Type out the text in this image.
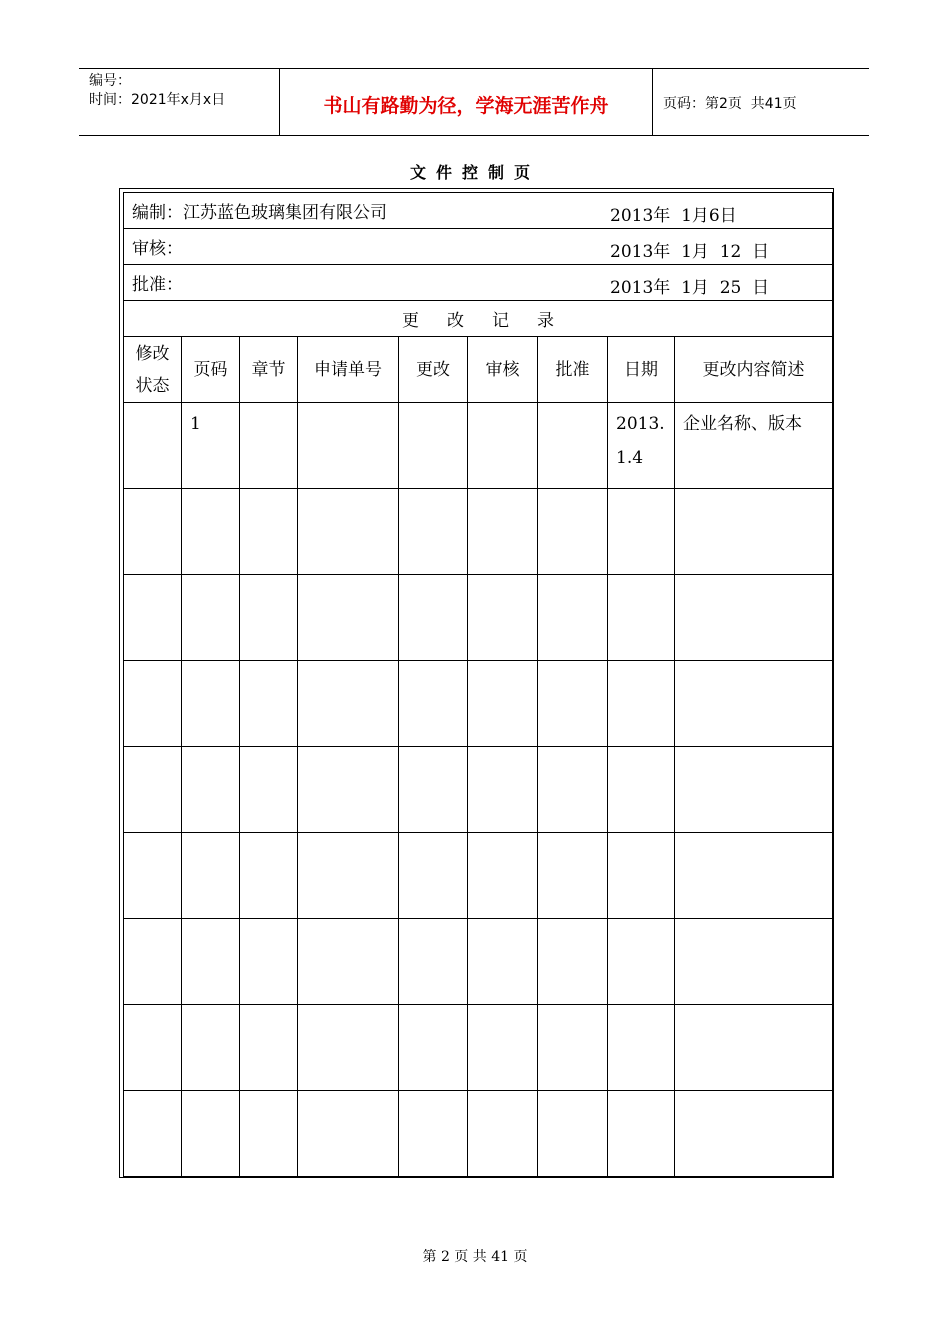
编号：
时间：2021年x月x日	书山有路勤为径，学海无涯苦作舟	页码：第2页  共41页
文件控制页
编制：江苏蓝色玻璃集团有限公司 2013年  1月6日								

审核： 2013年  1月  12  日								

批准： 2013年  1月  25  日								

更改记录								
修改状态	页码	章节	申请单号	更改	审核	批准	日期	更改内容简述
	1						2013.1.4	企业名称、版本

第 2 页 共 41 页
